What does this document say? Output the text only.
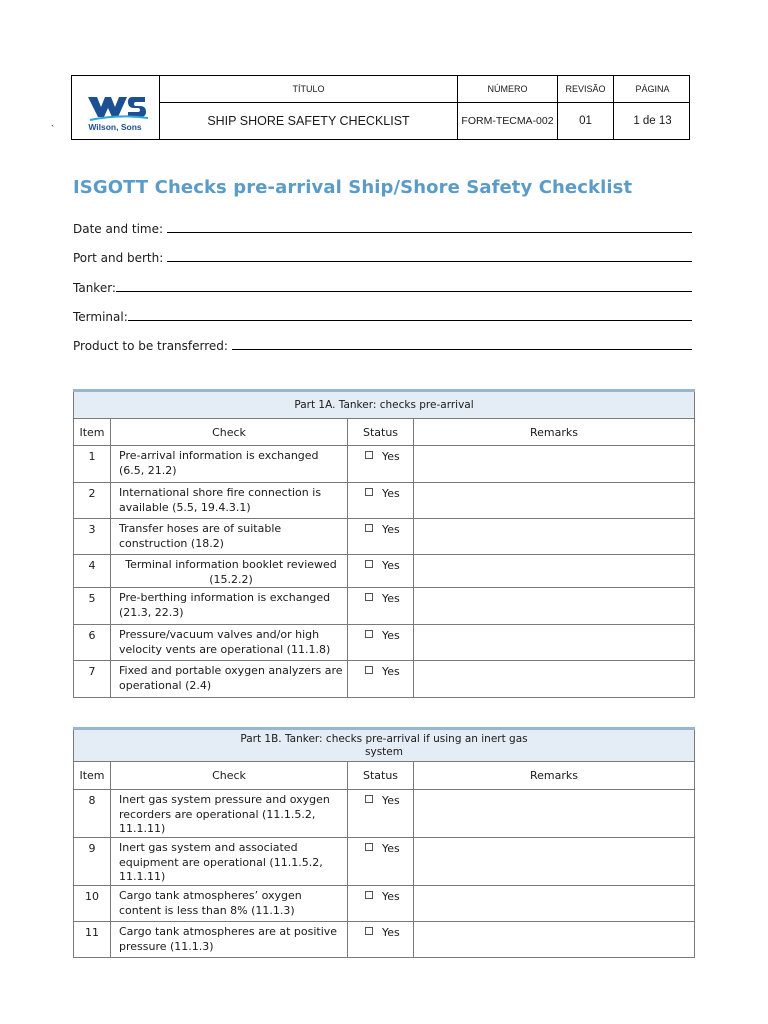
Wilson, Sons
TÍTULO	NÚMERO	REVISÃO	PÁGINA
SHIP SHORE SAFETY CHECKLIST	FORM-TECMA-002	01	1 de 13
`
ISGOTT Checks pre-arrival Ship/Shore Safety Checklist
Date and time:
Port and berth:
Tanker:
Terminal:
Product to be transferred:
Part 1A. Tanker: checks pre-arrival			
Item	Check	Status	Remarks
1	Pre-arrival information is exchanged (6.5, 21.2)	Yes	
2	International shore fire connection is available (5.5, 19.4.3.1)	Yes	
3	Transfer hoses are of suitable construction (18.2)	Yes	
4	Terminal information booklet reviewed (15.2.2)	Yes	
5	Pre-berthing information is exchanged (21.3, 22.3)	Yes	
6	Pressure/vacuum valves and/or high velocity vents are operational (11.1.8)	Yes	
7	Fixed and portable oxygen analyzers are operational (2.4)	Yes	
Part 1B. Tanker: checks pre-arrival if using an inert gas system			
Item	Check	Status	Remarks
8	Inert gas system pressure and oxygen recorders are operational (11.1.5.2, 11.1.11)	Yes	
9	Inert gas system and associated equipment are operational (11.1.5.2, 11.1.11)	Yes	
10	Cargo tank atmospheres’ oxygen content is less than 8% (11.1.3)	Yes	
11	Cargo tank atmospheres are at positive pressure (11.1.3)	Yes	
